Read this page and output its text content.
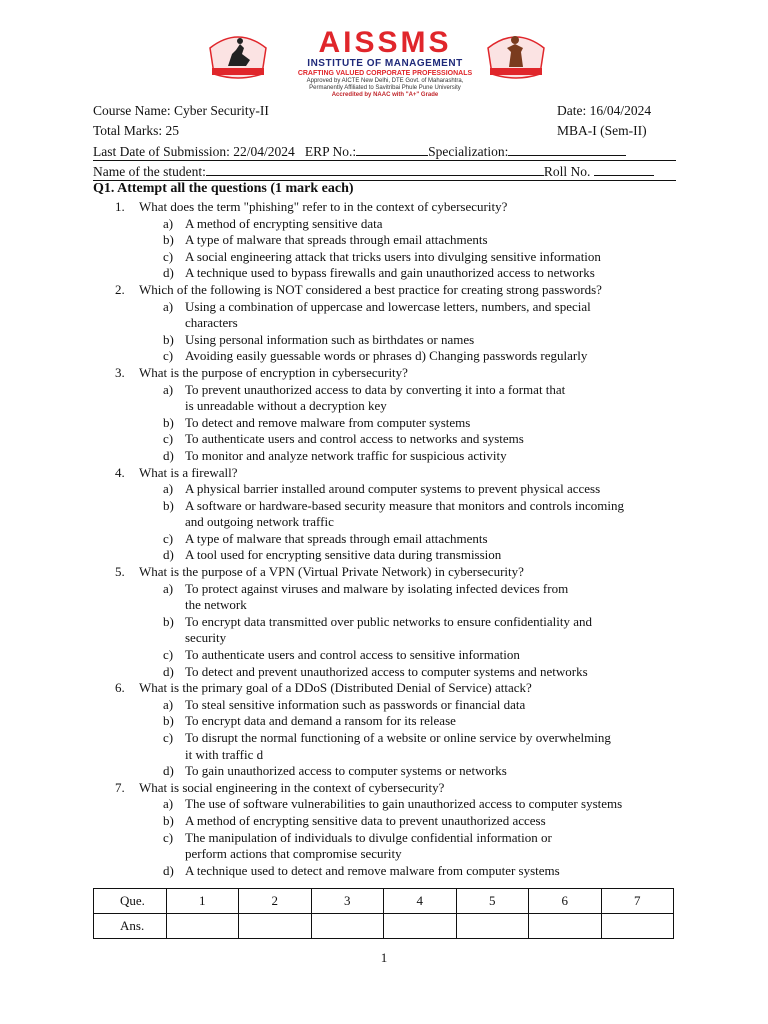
AISSMS
INSTITUTE OF MANAGEMENT
CRAFTING VALUED CORPORATE PROFESSIONALS
Approved by AICTE New Delhi, DTE Govt. of Maharashtra,
Permanently Affiliated to Savitribai Phule Pune University
Accredited by NAAC with "A+" Grade
Course Name: Cyber Security-II	Date: 16/04/2024
Total Marks: 25	MBA-I (Sem-II)
Last Date of Submission: 22/04/2024 ERP No.:	Specialization:
Name of the student:	Roll No.
Q1. Attempt all the questions (1 mark each)
1. What does the term "phishing" refer to in the context of cybersecurity?
a) A method of encrypting sensitive data
b) A type of malware that spreads through email attachments
c) A social engineering attack that tricks users into divulging sensitive information
d) A technique used to bypass firewalls and gain unauthorized access to networks
2. Which of the following is NOT considered a best practice for creating strong passwords?
a) Using a combination of uppercase and lowercase letters, numbers, and special
characters
b) Using personal information such as birthdates or names
c) Avoiding easily guessable words or phrases d) Changing passwords regularly
3. What is the purpose of encryption in cybersecurity?
a) To prevent unauthorized access to data by converting it into a format that
is unreadable without a decryption key
b) To detect and remove malware from computer systems
c) To authenticate users and control access to networks and systems
d) To monitor and analyze network traffic for suspicious activity
4. What is a firewall?
a) A physical barrier installed around computer systems to prevent physical access
b) A software or hardware-based security measure that monitors and controls incoming
and outgoing network traffic
c) A type of malware that spreads through email attachments
d) A tool used for encrypting sensitive data during transmission
5. What is the purpose of a VPN (Virtual Private Network) in cybersecurity?
a) To protect against viruses and malware by isolating infected devices from
the network
b) To encrypt data transmitted over public networks to ensure confidentiality and
security
c) To authenticate users and control access to sensitive information
d) To detect and prevent unauthorized access to computer systems and networks
6. What is the primary goal of a DDoS (Distributed Denial of Service) attack?
a) To steal sensitive information such as passwords or financial data
b) To encrypt data and demand a ransom for its release
c) To disrupt the normal functioning of a website or online service by overwhelming
it with traffic d
d) To gain unauthorized access to computer systems or networks
7. What is social engineering in the context of cybersecurity?
a) The use of software vulnerabilities to gain unauthorized access to computer systems
b) A method of encrypting sensitive data to prevent unauthorized access
c) The manipulation of individuals to divulge confidential information or
perform actions that compromise security
d) A technique used to detect and remove malware from computer systems
Que.	1	2	3	4	5	6	7
Ans.							
1
